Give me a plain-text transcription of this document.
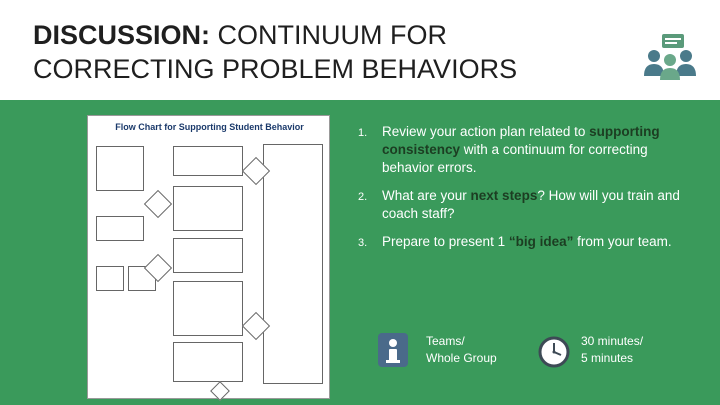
DISCUSSION: CONTINUUM FOR
CORRECTING PROBLEM BEHAVIORS
Flow Chart for Supporting Student Behavior	1. Review your action plan related to supporting consistency with a continuum for correcting behavior errors.
2. What are your next steps? How will you train and coach staff?
3. Prepare to present 1 “big idea” from your team.
Teams/
Whole Group
30 minutes/
5 minutes
